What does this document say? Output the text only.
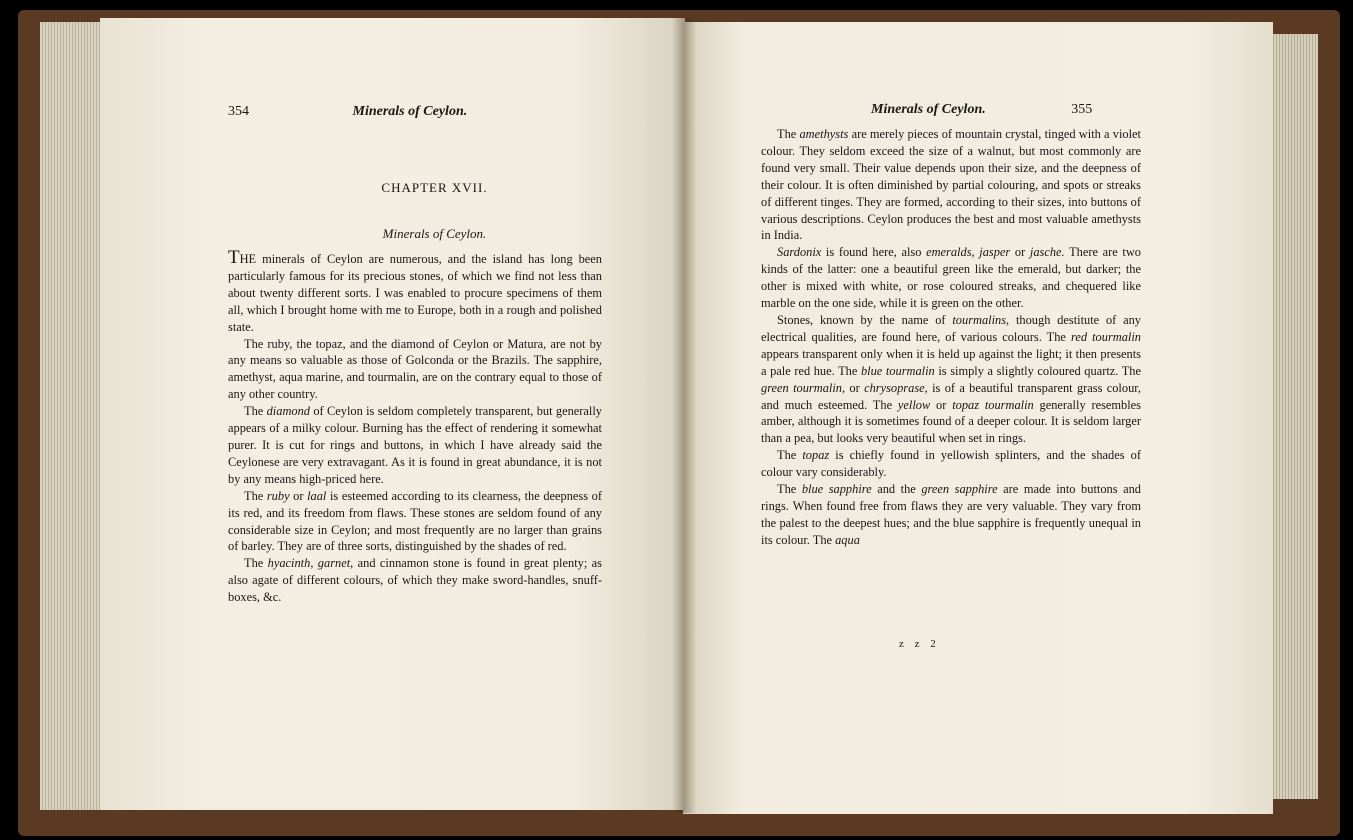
354	Minerals of Ceylon.
CHAPTER XVII.
Minerals of Ceylon.

THE minerals of Ceylon are numerous, and the island has long been particularly famous for its precious stones, of which we find not less than about twenty different sorts. I was enabled to procure specimens of them all, which I brought home with me to Europe, both in a rough and polished state.

The ruby, the topaz, and the diamond of Ceylon or Matura, are not by any means so valuable as those of Golconda or the Brazils. The sapphire, amethyst, aqua marine, and tourmalin, are on the contrary equal to those of any other country.

The diamond of Ceylon is seldom completely transparent, but generally appears of a milky colour. Burning has the effect of rendering it somewhat purer. It is cut for rings and buttons, in which I have already said the Ceylonese are very extravagant. As it is found in great abundance, it is not by any means high-priced here.

The ruby or laal is esteemed according to its clearness, the deepness of its red, and its freedom from flaws. These stones are seldom found of any considerable size in Ceylon; and most frequently are no larger than grains of barley. They are of three sorts, distinguished by the shades of red.

The hyacinth, garnet, and cinnamon stone is found in great plenty; as also agate of different colours, of which they make sword-handles, snuff-boxes, &c.

Minerals of Ceylon.	355

The amethysts are merely pieces of mountain crystal, tinged with a violet colour. They seldom exceed the size of a walnut, but most commonly are found very small. Their value depends upon their size, and the deepness of their colour. It is often diminished by partial colouring, and spots or streaks of different tinges. They are formed, according to their sizes, into buttons of various descriptions. Ceylon produces the best and most valuable amethysts in India.

Sardonix is found here, also emeralds, jasper or jasche. There are two kinds of the latter: one a beautiful green like the emerald, but darker; the other is mixed with white, or rose coloured streaks, and chequered like marble on the one side, while it is green on the other.

Stones, known by the name of tourmalins, though destitute of any electrical qualities, are found here, of various colours. The red tourmalin appears transparent only when it is held up against the light; it then presents a pale red hue. The blue tourmalin is simply a slightly coloured quartz. The green tourmalin, or chrysoprase, is of a beautiful transparent grass colour, and much esteemed. The yellow or topaz tourmalin generally resembles amber, although it is sometimes found of a deeper colour. It is seldom larger than a pea, but looks very beautiful when set in rings.

The topaz is chiefly found in yellowish splinters, and the shades of colour vary considerably.

The blue sapphire and the green sapphire are made into buttons and rings. When found free from flaws they are very valuable. They vary from the palest to the deepest hues; and the blue sapphire is frequently unequal in its colour. The aqua

z z 2
